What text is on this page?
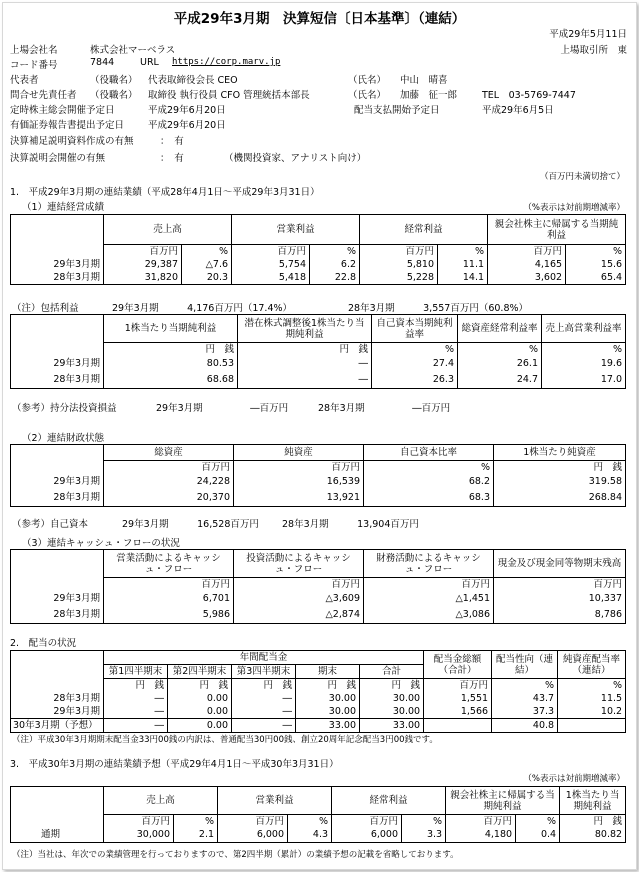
平成29年3月期　決算短信〔日本基準〕（連結）
平成29年5月11日
上場会社名	株式会社マーベラス	上場取引所　東
コード番号	7844	URL https://corp.marv.jp
代表者	（役職名） 代表取締役会長 CEO	（氏名） 中山　晴喜
問合せ先責任者 （役職名） 取締役 執行役員 CFO 管理統括本部長	（氏名） 加藤　征一郎	TEL　03-5769-7447
定時株主総会開催予定日	平成29年6月20日	配当支払開始予定日	平成29年6月5日
有価証券報告書提出予定日	平成29年6月20日
決算補足説明資料作成の有無	：　有
決算説明会開催の有無	：　有	（機関投資家、アナリスト向け）
（百万円未満切捨て）
1.　平成29年3月期の連結業績（平成28年4月1日～平成29年3月31日）
（1）連結経営成績	（%表示は対前期増減率）
	売上高		営業利益		経常利益		親会社株主に帰属する当期純利益	
	百万円	%	百万円	%	百万円	%	百万円	%
29年3月期	29,387	△7.6	5,754	6.2	5,810	11.1	4,165	15.6
28年3月期	31,820	20.3	5,418	22.8	5,228	14.1	3,602	65.4
（注）包括利益	29年3月期　　　4,176百万円（17.4%）	28年3月期　　　3,557百万円（60.8%）
	1株当たり当期純利益	潜在株式調整後1株当たり当期純利益	自己資本当期純利益率	総資産経常利益率	売上高営業利益率
	円　銭	円　銭	%	%	%
29年3月期	80.53	―	27.4	26.1	19.6
28年3月期	68.68	―	26.3	24.7	17.0
（参考）持分法投資損益	29年3月期　　　　　―百万円	28年3月期　　　　　―百万円
（2）連結財政状態
	総資産	純資産	自己資本比率	1株当たり純資産
	百万円	百万円	%	円　銭
29年3月期	24,228	16,539	68.2	319.58
28年3月期	20,370	13,921	68.3	268.84
（参考）自己資本	29年3月期　　　16,528百万円 28年3月期　　　13,904百万円
（3）連結キャッシュ・フローの状況
	営業活動によるキャッシュ・フロー	投資活動によるキャッシュ・フロー	財務活動によるキャッシュ・フロー	現金及び現金同等物期末残高
	百万円	百万円	百万円	百万円
29年3月期	6,701	△3,609	△1,451	10,337
28年3月期	5,986	△2,874	△3,086	8,786
2.　配当の状況
	年間配当金					配当金総額（合計）	配当性向（連結）	純資産配当率（連結）
	第1四半期末	第2四半期末	第3四半期末	期末	合計			
	円　銭	円　銭	円　銭	円　銭	円　銭	百万円	%	%
28年3月期	―	0.00	―	30.00	30.00	1,551	43.7	11.5
29年3月期	―	0.00	―	30.00	30.00	1,566	37.3	10.2
30年3月期（予想）	―	0.00	―	33.00	33.00		40.8	
（注）平成30年3月期期末配当金33円00銭の内訳は、普通配当30円00銭、創立20周年記念配当3円00銭です。
3.　平成30年3月期の連結業績予想（平成29年4月1日～平成30年3月31日）
（%表示は対前期増減率）
	売上高		営業利益		経常利益		親会社株主に帰属する当期純利益		1株当たり当期純利益
	百万円	%	百万円	%	百万円	%	百万円	%	円　銭
通期	30,000	2.1	6,000	4.3	6,000	3.3	4,180	0.4	80.82
（注）当社は、年次での業績管理を行っておりますので、第2四半期（累計）の業績予想の記載を省略しております。
